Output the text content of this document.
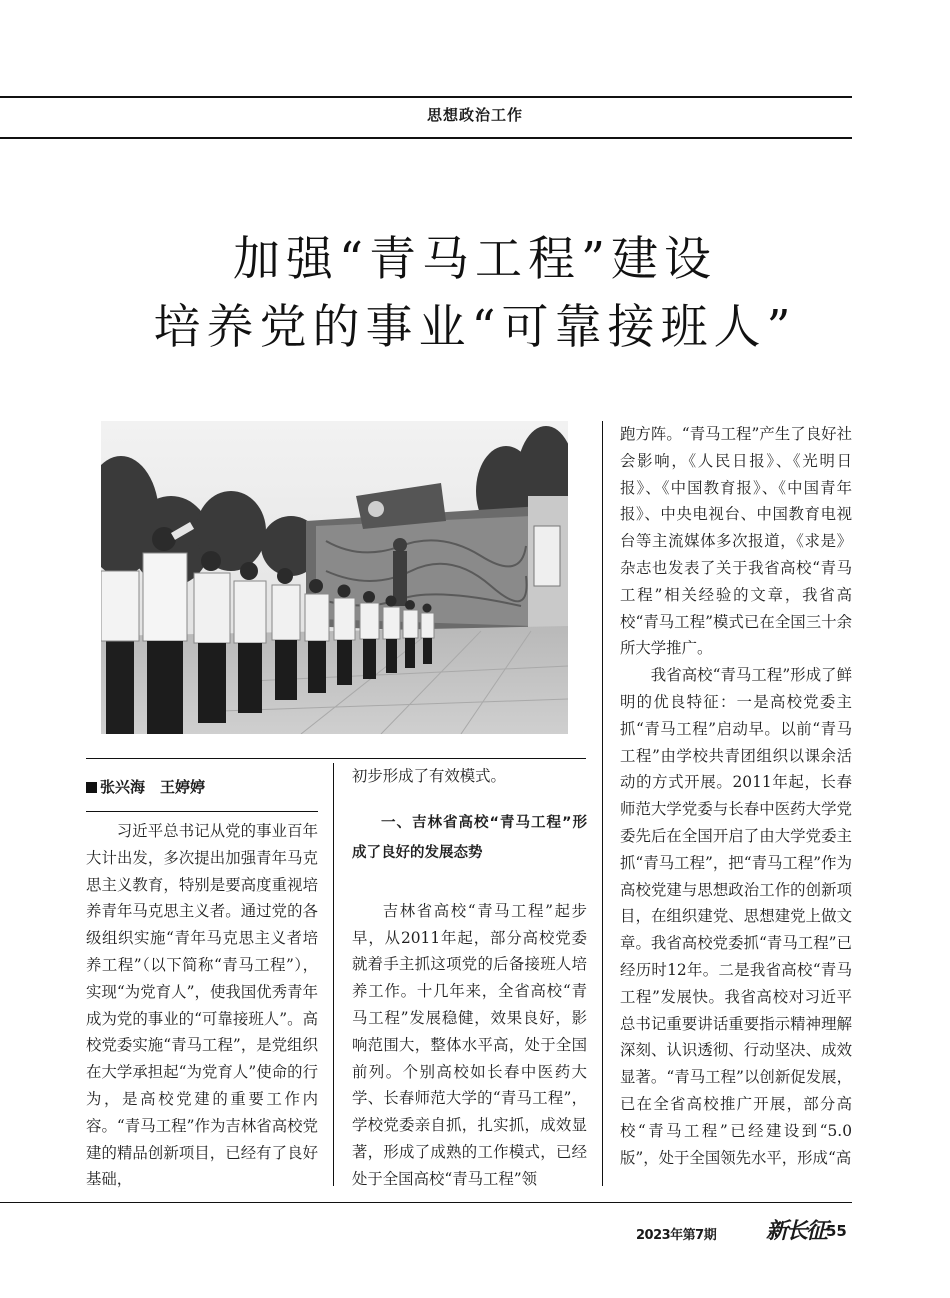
思想政治工作
加强“青马工程”建设
培养党的事业“可靠接班人”
张兴海　王婷婷

习近平总书记从党的事业百年大计出发，多次提出加强青年马克思主义教育，特别是要高度重视培养青年马克思主义者。通过党的各级组织实施“青年马克思主义者培养工程”（以下简称“青马工程”），实现“为党育人”，使我国优秀青年成为党的事业的“可靠接班人”。高校党委实施“青马工程”，是党组织在大学承担起“为党育人”使命的行为，是高校党建的重要工作内容。“青马工程”作为吉林省高校党建的精品创新项目，已经有了良好基础，

初步形成了有效模式。

一、吉林省高校“青马工程”形成了良好的发展态势

吉林省高校“青马工程”起步早，从2011年起，部分高校党委就着手主抓这项党的后备接班人培养工作。十几年来，全省高校“青马工程”发展稳健，效果良好，影响范围大，整体水平高，处于全国前列。个别高校如长春中医药大学、长春师范大学的“青马工程”，学校党委亲自抓，扎实抓，成效显著，形成了成熟的工作模式，已经处于全国高校“青马工程”领

跑方阵。“青马工程”产生了良好社会影响，《人民日报》、《光明日报》、《中国教育报》、《中国青年报》、中央电视台、中国教育电视台等主流媒体多次报道，《求是》杂志也发表了关于我省高校“青马工程”相关经验的文章，我省高校“青马工程”模式已在全国三十余所大学推广。

我省高校“青马工程”形成了鲜明的优良特征：一是高校党委主抓“青马工程”启动早。以前“青马工程”由学校共青团组织以课余活动的方式开展。2011年起，长春师范大学党委与长春中医药大学党委先后在全国开启了由大学党委主抓“青马工程”，把“青马工程”作为高校党建与思想政治工作的创新项目，在组织建党、思想建党上做文章。我省高校党委抓“青马工程”已经历时12年。二是我省高校“青马工程”发展快。我省高校对习近平总书记重要讲话重要指示精神理解深刻、认识透彻、行动坚决、成效显著。“青马工程”以创新促发展，已在全省高校推广开展，部分高校“青马工程”已经建设到“5.0版”，处于全国领先水平，形成“高

2023年第7期 新长征 55
